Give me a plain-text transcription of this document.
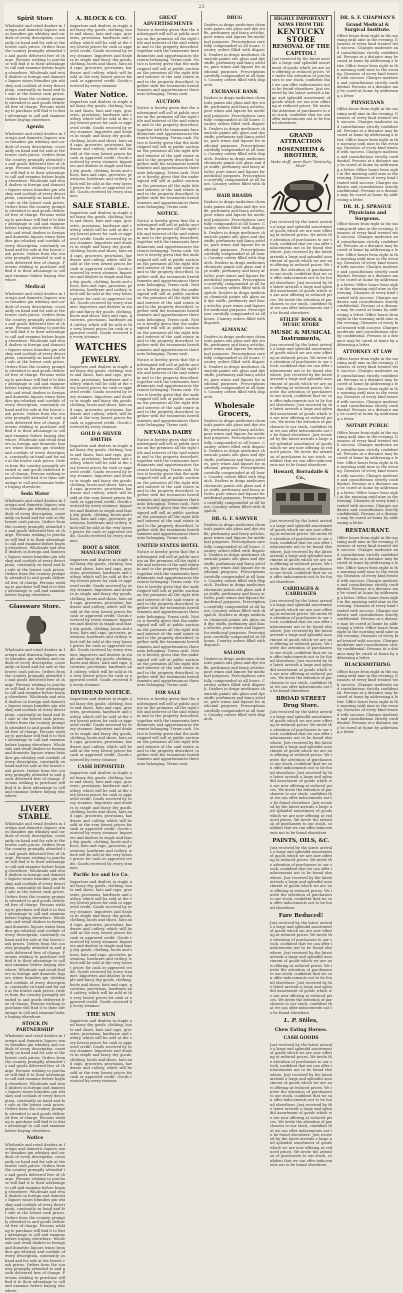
23
Spirit Store

Wholesale and retail dealers in foreign and domestic liquors wines brandies gin whiskey and cordials of every description, constantly on hand and for sale at the lowest cash prices. Orders from the country promptly attended to and goods delivered free of charge. Persons wishing to purchase will find it to their advantage to call and examine before buying elsewhere. Wholesale and retail dealers in foreign and domestic liquors wines brandies gin whiskey and cordials of every description, constantly on hand and for sale at the lowest cash prices. Orders from the country promptly attended to and goods delivered free of charge. Persons wishing to purchase will find it to their advantage to call and examine before buying elsewhere.

Agents

Wholesale and retail dealers in foreign and domestic liquors wines brandies gin whiskey and cordials of every description, constantly on hand and for sale at the lowest cash prices. Orders from the country promptly attended to and goods delivered free of charge. Persons wishing to purchase will find it to their advantage to call and examine before buying elsewhere. Wholesale and retail dealers in foreign and domestic liquors wines brandies gin whiskey and cordials of every description, constantly on hand and for sale at the lowest cash prices. Orders from the country promptly attended to and goods delivered free of charge. Persons wishing to purchase will find it to their advantage to call and examine before buying elsewhere. Wholesale and retail dealers in foreign and domestic liquors wines brandies gin whiskey and cordials of every description, constantly on hand and for sale at the lowest cash prices. Orders from the country promptly attended to and goods delivered free of charge. Persons wishing to purchase will find it to their advantage to call and examine before buying elsewhere.

Medical

Wholesale and retail dealers in foreign and domestic liquors wines brandies gin whiskey and cordials of every description, constantly on hand and for sale at the lowest cash prices. Orders from the country promptly attended to and goods delivered free of charge. Persons wishing to purchase will find it to their advantage to call and examine before buying elsewhere. Wholesale and retail dealers in foreign and domestic liquors wines brandies gin whiskey and cordials of every description, constantly on hand and for sale at the lowest cash prices. Orders from the country promptly attended to and goods delivered free of charge. Persons wishing to purchase will find it to their advantage to call and examine before buying elsewhere. Wholesale and retail dealers in foreign and domestic liquors wines brandies gin whiskey and cordials of every description, constantly on hand and for sale at the lowest cash prices. Orders from the country promptly attended to and goods delivered free of charge. Persons wishing to purchase will find it to their advantage to call and examine before buying elsewhere. Wholesale and retail dealers in foreign and domestic liquors wines brandies gin whiskey and cordials of every description, constantly on hand and for sale at the lowest cash prices. Orders from the country promptly attended to and goods delivered free of charge. Persons wishing to purchase will find it to their advantage to call and examine before buying elsewhere.

Soda Water

Wholesale and retail dealers in foreign and domestic liquors wines brandies gin whiskey and cordials of every description, constantly on hand and for sale at the lowest cash prices. Orders from the country promptly attended to and goods delivered free of charge. Persons wishing to purchase will find it to their advantage to call and examine before buying elsewhere. Wholesale and retail dealers in foreign and domestic liquors wines brandies gin whiskey and cordials of every description, constantly on hand and for sale at the lowest cash prices. Orders from the country promptly attended to and goods delivered free of charge. Persons wishing to purchase will find it to their advantage to call and examine before buying elsewhere.

Glassware Store.

Wholesale and retail dealers in foreign and domestic liquors wines brandies gin whiskey and cordials of every description, constantly on hand and for sale at the lowest cash prices. Orders from the country promptly attended to and goods delivered free of charge. Persons wishing to purchase will find it to their advantage to call and examine before buying elsewhere. Wholesale and retail dealers in foreign and domestic liquors wines brandies gin whiskey and cordials of every description, constantly on hand and for sale at the lowest cash prices. Orders from the country promptly attended to and goods delivered free of charge. Persons wishing to purchase will find it to their advantage to call and examine before buying elsewhere. Wholesale and retail dealers in foreign and domestic liquors wines brandies gin whiskey and cordials of every description, constantly on hand and for sale at the lowest cash prices. Orders from the country promptly attended to and goods delivered free of charge. Persons wishing to purchase will find it to their advantage to call and examine before buying elsewhere.

LIVERY STABLE.

Wholesale and retail dealers in foreign and domestic liquors wines brandies gin whiskey and cordials of every description, constantly on hand and for sale at the lowest cash prices. Orders from the country promptly attended to and goods delivered free of charge. Persons wishing to purchase will find it to their advantage to call and examine before buying elsewhere. Wholesale and retail dealers in foreign and domestic liquors wines brandies gin whiskey and cordials of every description, constantly on hand and for sale at the lowest cash prices. Orders from the country promptly attended to and goods delivered free of charge. Persons wishing to purchase will find it to their advantage to call and examine before buying elsewhere. Wholesale and retail dealers in foreign and domestic liquors wines brandies gin whiskey and cordials of every description, constantly on hand and for sale at the lowest cash prices. Orders from the country promptly attended to and goods delivered free of charge. Persons wishing to purchase will find it to their advantage to call and examine before buying elsewhere. Wholesale and retail dealers in foreign and domestic liquors wines brandies gin whiskey and cordials of every description, constantly on hand and for sale at the lowest cash prices. Orders from the country promptly attended to and goods delivered free of charge. Persons wishing to purchase will find it to their advantage to call and examine before buying elsewhere.

STOCK IN PARTNERSHIP

Wholesale and retail dealers in foreign and domestic liquors wines brandies gin whiskey and cordials of every description, constantly on hand and for sale at the lowest cash prices. Orders from the country promptly attended to and goods delivered free of charge. Persons wishing to purchase will find it to their advantage to call and examine before buying elsewhere. Wholesale and retail dealers in foreign and domestic liquors wines brandies gin whiskey and cordials of every description, constantly on hand and for sale at the lowest cash prices. Orders from the country promptly attended to and goods delivered free of charge. Persons wishing to purchase will find it to their advantage to call and examine before buying elsewhere.

Notice

Wholesale and retail dealers in foreign and domestic liquors wines brandies gin whiskey and cordials of every description, constantly on hand and for sale at the lowest cash prices. Orders from the country promptly attended to and goods delivered free of charge. Persons wishing to purchase will find it to their advantage to call and examine before buying elsewhere. Wholesale and retail dealers in foreign and domestic liquors wines brandies gin whiskey and cordials of every description, constantly on hand and for sale at the lowest cash prices. Orders from the country promptly attended to and goods delivered free of charge. Persons wishing to purchase will find it to their advantage to call and examine before buying elsewhere. Wholesale and retail dealers in foreign and domestic liquors wines brandies gin whiskey and cordials of every description, constantly on hand and for sale at the lowest cash prices. Orders from the country promptly attended to and goods delivered free of charge. Persons wishing to purchase will find it to their advantage to call and examine before buying elsewhere.

A. BLOCK & CO.

Importers and dealers in staple and fancy dry goods, clothing, boots and shoes, hats and caps, groceries, provisions, hardware and cutlery, which will be sold at the very lowest prices for cash or approved credit. Goods received by every steamer. Importers and dealers in staple and fancy dry goods, clothing, boots and shoes, hats and caps, groceries, provisions, hardware and cutlery, which will be sold at the very lowest prices for cash or approved credit. Goods received by every steamer.

Water Notice.

Importers and dealers in staple and fancy dry goods, clothing, boots and shoes, hats and caps, groceries, provisions, hardware and cutlery, which will be sold at the very lowest prices for cash or approved credit. Goods received by every steamer. Importers and dealers in staple and fancy dry goods, clothing, boots and shoes, hats and caps, groceries, provisions, hardware and cutlery, which will be sold at the very lowest prices for cash or approved credit. Goods received by every steamer. Importers and dealers in staple and fancy dry goods, clothing, boots and shoes, hats and caps, groceries, provisions, hardware and cutlery, which will be sold at the very lowest prices for cash or approved credit. Goods received by every steamer.

SALE STABLE.

Importers and dealers in staple and fancy dry goods, clothing, boots and shoes, hats and caps, groceries, provisions, hardware and cutlery, which will be sold at the very lowest prices for cash or approved credit. Goods received by every steamer. Importers and dealers in staple and fancy dry goods, clothing, boots and shoes, hats and caps, groceries, provisions, hardware and cutlery, which will be sold at the very lowest prices for cash or approved credit. Goods received by every steamer. Importers and dealers in staple and fancy dry goods, clothing, boots and shoes, hats and caps, groceries, provisions, hardware and cutlery, which will be sold at the very lowest prices for cash or approved credit. Goods received by every steamer. Importers and dealers in staple and fancy dry goods, clothing, boots and shoes, hats and caps, groceries, provisions, hardware and cutlery, which will be sold at the very lowest prices for cash or approved credit. Goods received by every steamer.

WATCHES
JEWELRY.

Importers and dealers in staple and fancy dry goods, clothing, boots and shoes, hats and caps, groceries, provisions, hardware and cutlery, which will be sold at the very lowest prices for cash or approved credit. Goods received by every steamer. Importers and dealers in staple and fancy dry goods, clothing, boots and shoes, hats and caps, groceries, provisions, hardware and cutlery, which will be sold at the very lowest prices for cash or approved credit. Goods received by every steamer.

GOLD & SILVER SMITHS

Importers and dealers in staple and fancy dry goods, clothing, boots and shoes, hats and caps, groceries, provisions, hardware and cutlery, which will be sold at the very lowest prices for cash or approved credit. Goods received by every steamer. Importers and dealers in staple and fancy dry goods, clothing, boots and shoes, hats and caps, groceries, provisions, hardware and cutlery, which will be sold at the very lowest prices for cash or approved credit. Goods received by every steamer. Importers and dealers in staple and fancy dry goods, clothing, boots and shoes, hats and caps, groceries, provisions, hardware and cutlery, which will be sold at the very lowest prices for cash or approved credit. Goods received by every steamer.

BOOT & SHOE MANUFACTORY

Importers and dealers in staple and fancy dry goods, clothing, boots and shoes, hats and caps, groceries, provisions, hardware and cutlery, which will be sold at the very lowest prices for cash or approved credit. Goods received by every steamer. Importers and dealers in staple and fancy dry goods, clothing, boots and shoes, hats and caps, groceries, provisions, hardware and cutlery, which will be sold at the very lowest prices for cash or approved credit. Goods received by every steamer. Importers and dealers in staple and fancy dry goods, clothing, boots and shoes, hats and caps, groceries, provisions, hardware and cutlery, which will be sold at the very lowest prices for cash or approved credit. Goods received by every steamer. Importers and dealers in staple and fancy dry goods, clothing, boots and shoes, hats and caps, groceries, provisions, hardware and cutlery, which will be sold at the very lowest prices for cash or approved credit. Goods received by every steamer.

DIVIDEND NOTICE.

Importers and dealers in staple and fancy dry goods, clothing, boots and shoes, hats and caps, groceries, provisions, hardware and cutlery, which will be sold at the very lowest prices for cash or approved credit. Goods received by every steamer. Importers and dealers in staple and fancy dry goods, clothing, boots and shoes, hats and caps, groceries, provisions, hardware and cutlery, which will be sold at the very lowest prices for cash or approved credit. Goods received by every steamer.

CASH DEPOSITED

Importers and dealers in staple and fancy dry goods, clothing, boots and shoes, hats and caps, groceries, provisions, hardware and cutlery, which will be sold at the very lowest prices for cash or approved credit. Goods received by every steamer. Importers and dealers in staple and fancy dry goods, clothing, boots and shoes, hats and caps, groceries, provisions, hardware and cutlery, which will be sold at the very lowest prices for cash or approved credit. Goods received by every steamer. Importers and dealers in staple and fancy dry goods, clothing, boots and shoes, hats and caps, groceries, provisions, hardware and cutlery, which will be sold at the very lowest prices for cash or approved credit. Goods received by every steamer.

Pacific Ice and Ice Co.

Importers and dealers in staple and fancy dry goods, clothing, boots and shoes, hats and caps, groceries, provisions, hardware and cutlery, which will be sold at the very lowest prices for cash or approved credit. Goods received by every steamer. Importers and dealers in staple and fancy dry goods, clothing, boots and shoes, hats and caps, groceries, provisions, hardware and cutlery, which will be sold at the very lowest prices for cash or approved credit. Goods received by every steamer. Importers and dealers in staple and fancy dry goods, clothing, boots and shoes, hats and caps, groceries, provisions, hardware and cutlery, which will be sold at the very lowest prices for cash or approved credit. Goods received by every steamer. Importers and dealers in staple and fancy dry goods, clothing, boots and shoes, hats and caps, groceries, provisions, hardware and cutlery, which will be sold at the very lowest prices for cash or approved credit. Goods received by every steamer.

THE SUN

Importers and dealers in staple and fancy dry goods, clothing, boots and shoes, hats and caps, groceries, provisions, hardware and cutlery, which will be sold at the very lowest prices for cash or approved credit. Goods received by every steamer. Importers and dealers in staple and fancy dry goods, clothing, boots and shoes, hats and caps, groceries, provisions, hardware and cutlery, which will be sold at the very lowest prices for cash or approved credit. Goods received by every steamer.

GREAT ADVERTISEMENTS

Notice is hereby given that the undersigned will sell at public auction on the premises all the right title and interest of the said estate in and to the property described, together with the tenements hereditaments and appurtenances thereunto belonging. Terms cash. Notice is hereby given that the undersigned will sell at public auction on the premises all the right title and interest of the said estate in and to the property described, together with the tenements hereditaments and appurtenances thereunto belonging. Terms cash.

AUCTION

Notice is hereby given that the undersigned will sell at public auction on the premises all the right title and interest of the said estate in and to the property described, together with the tenements hereditaments and appurtenances thereunto belonging. Terms cash. Notice is hereby given that the undersigned will sell at public auction on the premises all the right title and interest of the said estate in and to the property described, together with the tenements hereditaments and appurtenances thereunto belonging. Terms cash. Notice is hereby given that the undersigned will sell at public auction on the premises all the right title and interest of the said estate in and to the property described, together with the tenements hereditaments and appurtenances thereunto belonging. Terms cash.

NOTICE.

Notice is hereby given that the undersigned will sell at public auction on the premises all the right title and interest of the said estate in and to the property described, together with the tenements hereditaments and appurtenances thereunto belonging. Terms cash. Notice is hereby given that the undersigned will sell at public auction on the premises all the right title and interest of the said estate in and to the property described, together with the tenements hereditaments and appurtenances thereunto belonging. Terms cash. Notice is hereby given that the undersigned will sell at public auction on the premises all the right title and interest of the said estate in and to the property described, together with the tenements hereditaments and appurtenances thereunto belonging. Terms cash. Notice is hereby given that the undersigned will sell at public auction on the premises all the right title and interest of the said estate in and to the property described, together with the tenements hereditaments and appurtenances thereunto belonging. Terms cash.

Notice is hereby given that the undersigned will sell at public auction on the premises all the right title and interest of the said estate in and to the property described, together with the tenements hereditaments and appurtenances thereunto belonging. Terms cash. Notice is hereby given that the undersigned will sell at public auction on the premises all the right title and interest of the said estate in and to the property described, together with the tenements hereditaments and appurtenances thereunto belonging. Terms cash.

NEVADA DAIRY

Notice is hereby given that the undersigned will sell at public auction on the premises all the right title and interest of the said estate in and to the property described, together with the tenements hereditaments and appurtenances thereunto belonging. Terms cash. Notice is hereby given that the undersigned will sell at public auction on the premises all the right title and interest of the said estate in and to the property described, together with the tenements hereditaments and appurtenances thereunto belonging. Terms cash. Notice is hereby given that the undersigned will sell at public auction on the premises all the right title and interest of the said estate in and to the property described, together with the tenements hereditaments and appurtenances thereunto belonging. Terms cash.

UNITED STATES HOTEL

Notice is hereby given that the undersigned will sell at public auction on the premises all the right title and interest of the said estate in and to the property described, together with the tenements hereditaments and appurtenances thereunto belonging. Terms cash. Notice is hereby given that the undersigned will sell at public auction on the premises all the right title and interest of the said estate in and to the property described, together with the tenements hereditaments and appurtenances thereunto belonging. Terms cash. Notice is hereby given that the undersigned will sell at public auction on the premises all the right title and interest of the said estate in and to the property described, together with the tenements hereditaments and appurtenances thereunto belonging. Terms cash. Notice is hereby given that the undersigned will sell at public auction on the premises all the right title and interest of the said estate in and to the property described, together with the tenements hereditaments and appurtenances thereunto belonging. Terms cash.

FOR SALE

Notice is hereby given that the undersigned will sell at public auction on the premises all the right title and interest of the said estate in and to the property described, together with the tenements hereditaments and appurtenances thereunto belonging. Terms cash. Notice is hereby given that the undersigned will sell at public auction on the premises all the right title and interest of the said estate in and to the property described, together with the tenements hereditaments and appurtenances thereunto belonging. Terms cash.

DRUG

Dealers in drugs medicines chemicals paints oils glass and dye stuffs, perfumery and fancy articles, pure wines and liquors for medicinal purposes. Prescriptions carefully compounded at all hours. Country orders filled with dispatch. Dealers in drugs medicines chemicals paints oils glass and dye stuffs, perfumery and fancy articles, pure wines and liquors for medicinal purposes. Prescriptions carefully compounded at all hours. Country orders filled with dispatch.

EXCHANGE BANK

Dealers in drugs medicines chemicals paints oils glass and dye stuffs, perfumery and fancy articles, pure wines and liquors for medicinal purposes. Prescriptions carefully compounded at all hours. Country orders filled with dispatch. Dealers in drugs medicines chemicals paints oils glass and dye stuffs, perfumery and fancy articles, pure wines and liquors for medicinal purposes. Prescriptions carefully compounded at all hours. Country orders filled with dispatch. Dealers in drugs medicines chemicals paints oils glass and dye stuffs, perfumery and fancy articles, pure wines and liquors for medicinal purposes. Prescriptions carefully compounded at all hours. Country orders filled with dispatch.

HAIR BRAIDS

Dealers in drugs medicines chemicals paints oils glass and dye stuffs, perfumery and fancy articles, pure wines and liquors for medicinal purposes. Prescriptions carefully compounded at all hours. Country orders filled with dispatch. Dealers in drugs medicines chemicals paints oils glass and dye stuffs, perfumery and fancy articles, pure wines and liquors for medicinal purposes. Prescriptions carefully compounded at all hours. Country orders filled with dispatch. Dealers in drugs medicines chemicals paints oils glass and dye stuffs, perfumery and fancy articles, pure wines and liquors for medicinal purposes. Prescriptions carefully compounded at all hours. Country orders filled with dispatch. Dealers in drugs medicines chemicals paints oils glass and dye stuffs, perfumery and fancy articles, pure wines and liquors for medicinal purposes. Prescriptions carefully compounded at all hours. Country orders filled with dispatch.

ALMANAC

Dealers in drugs medicines chemicals paints oils glass and dye stuffs, perfumery and fancy articles, pure wines and liquors for medicinal purposes. Prescriptions carefully compounded at all hours. Country orders filled with dispatch. Dealers in drugs medicines chemicals paints oils glass and dye stuffs, perfumery and fancy articles, pure wines and liquors for medicinal purposes. Prescriptions carefully compounded at all hours. Country orders filled with dispatch.

Wholesale Grocers,

Dealers in drugs medicines chemicals paints oils glass and dye stuffs, perfumery and fancy articles, pure wines and liquors for medicinal purposes. Prescriptions carefully compounded at all hours. Country orders filled with dispatch. Dealers in drugs medicines chemicals paints oils glass and dye stuffs, perfumery and fancy articles, pure wines and liquors for medicinal purposes. Prescriptions carefully compounded at all hours. Country orders filled with dispatch. Dealers in drugs medicines chemicals paints oils glass and dye stuffs, perfumery and fancy articles, pure wines and liquors for medicinal purposes. Prescriptions carefully compounded at all hours. Country orders filled with dispatch.

DR. G. F. SAWYER

Dealers in drugs medicines chemicals paints oils glass and dye stuffs, perfumery and fancy articles, pure wines and liquors for medicinal purposes. Prescriptions carefully compounded at all hours. Country orders filled with dispatch. Dealers in drugs medicines chemicals paints oils glass and dye stuffs, perfumery and fancy articles, pure wines and liquors for medicinal purposes. Prescriptions carefully compounded at all hours. Country orders filled with dispatch. Dealers in drugs medicines chemicals paints oils glass and dye stuffs, perfumery and fancy articles, pure wines and liquors for medicinal purposes. Prescriptions carefully compounded at all hours. Country orders filled with dispatch. Dealers in drugs medicines chemicals paints oils glass and dye stuffs, perfumery and fancy articles, pure wines and liquors for medicinal purposes. Prescriptions carefully compounded at all hours. Country orders filled with dispatch.

SALOON

Dealers in drugs medicines chemicals paints oils glass and dye stuffs, perfumery and fancy articles, pure wines and liquors for medicinal purposes. Prescriptions carefully compounded at all hours. Country orders filled with dispatch. Dealers in drugs medicines chemicals paints oils glass and dye stuffs, perfumery and fancy articles, pure wines and liquors for medicinal purposes. Prescriptions carefully compounded at all hours. Country orders filled with dispatch.

HIGHLY IMPORTANT NEWS FROM THE
KENTUCKY STORE
REMOVAL OF THE CAPITOL!

Just received by the latest arrivals a large and splendid assortment of goods which we are now offering at reduced prices. We invite the attention of purchasers to our stock, confident that we can offer inducements not to be found elsewhere. Just received by the latest arrivals a large and splendid assortment of goods which we are now offering at reduced prices. We invite the attention of purchasers to our stock, confident that we can offer inducements not to be found elsewhere.

GRAND ATTRACTION
ROSENHEIM & BROTHER,
Make stuff, wear their "Kentucky Mule"

Just received by the latest arrivals a large and splendid assortment of goods which we are now offering at reduced prices. We invite the attention of purchasers to our stock, confident that we can offer inducements not to be found elsewhere. Just received by the latest arrivals a large and splendid assortment of goods which we are now offering at reduced prices. We invite the attention of purchasers to our stock, confident that we can offer inducements not to be found elsewhere. Just received by the latest arrivals a large and splendid assortment of goods which we are now offering at reduced prices. We invite the attention of purchasers to our stock, confident that we can offer inducements not to be found elsewhere.

STILES' BOOK & MUSIC STORE
MUSIC & MUSICAL
Instruments,

Just received by the latest arrivals a large and splendid assortment of goods which we are now offering at reduced prices. We invite the attention of purchasers to our stock, confident that we can offer inducements not to be found elsewhere. Just received by the latest arrivals a large and splendid assortment of goods which we are now offering at reduced prices. We invite the attention of purchasers to our stock, confident that we can offer inducements not to be found elsewhere. Just received by the latest arrivals a large and splendid assortment of goods which we are now offering at reduced prices. We invite the attention of purchasers to our stock, confident that we can offer inducements not to be found elsewhere. Just received by the latest arrivals a large and splendid assortment of goods which we are now offering at reduced prices. We invite the attention of purchasers to our stock, confident that we can offer inducements not to be found elsewhere.

Howard, Borradaile & Co.,

Just received by the latest arrivals a large and splendid assortment of goods which we are now offering at reduced prices. We invite the attention of purchasers to our stock, confident that we can offer inducements not to be found elsewhere. Just received by the latest arrivals a large and splendid assortment of goods which we are now offering at reduced prices. We invite the attention of purchasers to our stock, confident that we can offer inducements not to be found elsewhere.

CARRIAGES & CARRIAGES

Just received by the latest arrivals a large and splendid assortment of goods which we are now offering at reduced prices. We invite the attention of purchasers to our stock, confident that we can offer inducements not to be found elsewhere. Just received by the latest arrivals a large and splendid assortment of goods which we are now offering at reduced prices. We invite the attention of purchasers to our stock, confident that we can offer inducements not to be found elsewhere. Just received by the latest arrivals a large and splendid assortment of goods which we are now offering at reduced prices. We invite the attention of purchasers to our stock, confident that we can offer inducements not to be found elsewhere.

BROAD STREET Drug Store.

Just received by the latest arrivals a large and splendid assortment of goods which we are now offering at reduced prices. We invite the attention of purchasers to our stock, confident that we can offer inducements not to be found elsewhere. Just received by the latest arrivals a large and splendid assortment of goods which we are now offering at reduced prices. We invite the attention of purchasers to our stock, confident that we can offer inducements not to be found elsewhere. Just received by the latest arrivals a large and splendid assortment of goods which we are now offering at reduced prices. We invite the attention of purchasers to our stock, confident that we can offer inducements not to be found elsewhere. Just received by the latest arrivals a large and splendid assortment of goods which we are now offering at reduced prices. We invite the attention of purchasers to our stock, confident that we can offer inducements not to be found elsewhere.

PAINTS, OILS, &C.

Just received by the latest arrivals a large and splendid assortment of goods which we are now offering at reduced prices. We invite the attention of purchasers to our stock, confident that we can offer inducements not to be found elsewhere. Just received by the latest arrivals a large and splendid assortment of goods which we are now offering at reduced prices. We invite the attention of purchasers to our stock, confident that we can offer inducements not to be found elsewhere.

Fare Reduced!

Just received by the latest arrivals a large and splendid assortment of goods which we are now offering at reduced prices. We invite the attention of purchasers to our stock, confident that we can offer inducements not to be found elsewhere. Just received by the latest arrivals a large and splendid assortment of goods which we are now offering at reduced prices. We invite the attention of purchasers to our stock, confident that we can offer inducements not to be found elsewhere. Just received by the latest arrivals a large and splendid assortment of goods which we are now offering at reduced prices. We invite the attention of purchasers to our stock, confident that we can offer inducements not to be found elsewhere.

L. P. Stiles,
Chew Eating Horses.
CASH GOODS

Just received by the latest arrivals a large and splendid assortment of goods which we are now offering at reduced prices. We invite the attention of purchasers to our stock, confident that we can offer inducements not to be found elsewhere. Just received by the latest arrivals a large and splendid assortment of goods which we are now offering at reduced prices. We invite the attention of purchasers to our stock, confident that we can offer inducements not to be found elsewhere. Just received by the latest arrivals a large and splendid assortment of goods which we are now offering at reduced prices. We invite the attention of purchasers to our stock, confident that we can offer inducements not to be found elsewhere. Just received by the latest arrivals a large and splendid assortment of goods which we are now offering at reduced prices. We invite the attention of purchasers to our stock, confident that we can offer inducements not to be found elsewhere.

DR. S. F. CHAPMAN'S
Grand Medical & Surgical Institute.

Office hours from eight in the morning until nine in the evening. Diseases of every kind treated with success. Charges moderate and consultations strictly confidential. Persons at a distance may be cured at home by addressing a letter. Office hours from eight in the morning until nine in the evening. Diseases of every kind treated with success. Charges moderate and consultations strictly confidential. Persons at a distance may be cured at home by addressing a letter.

PHYSICIANS

Office hours from eight in the morning until nine in the evening. Diseases of every kind treated with success. Charges moderate and consultations strictly confidential. Persons at a distance may be cured at home by addressing a letter. Office hours from eight in the morning until nine in the evening. Diseases of every kind treated with success. Charges moderate and consultations strictly confidential. Persons at a distance may be cured at home by addressing a letter. Office hours from eight in the morning until nine in the evening. Diseases of every kind treated with success. Charges moderate and consultations strictly confidential. Persons at a distance may be cured at home by addressing a letter.

DR. H. J. SPRAGUE
Physicians and Surgeons.

Office hours from eight in the morning until nine in the evening. Diseases of every kind treated with success. Charges moderate and consultations strictly confidential. Persons at a distance may be cured at home by addressing a letter. Office hours from eight in the morning until nine in the evening. Diseases of every kind treated with success. Charges moderate and consultations strictly confidential. Persons at a distance may be cured at home by addressing a letter. Office hours from eight in the morning until nine in the evening. Diseases of every kind treated with success. Charges moderate and consultations strictly confidential. Persons at a distance may be cured at home by addressing a letter. Office hours from eight in the morning until nine in the evening. Diseases of every kind treated with success. Charges moderate and consultations strictly confidential. Persons at a distance may be cured at home by addressing a letter.

ATTORNEY AT LAW

Office hours from eight in the morning until nine in the evening. Diseases of every kind treated with success. Charges moderate and consultations strictly confidential. Persons at a distance may be cured at home by addressing a letter. Office hours from eight in the morning until nine in the evening. Diseases of every kind treated with success. Charges moderate and consultations strictly confidential. Persons at a distance may be cured at home by addressing a letter.

NOTARY PUBLIC

Office hours from eight in the morning until nine in the evening. Diseases of every kind treated with success. Charges moderate and consultations strictly confidential. Persons at a distance may be cured at home by addressing a letter. Office hours from eight in the morning until nine in the evening. Diseases of every kind treated with success. Charges moderate and consultations strictly confidential. Persons at a distance may be cured at home by addressing a letter. Office hours from eight in the morning until nine in the evening. Diseases of every kind treated with success. Charges moderate and consultations strictly confidential. Persons at a distance may be cured at home by addressing a letter.

RESTAURANT.

Office hours from eight in the morning until nine in the evening. Diseases of every kind treated with success. Charges moderate and consultations strictly confidential. Persons at a distance may be cured at home by addressing a letter. Office hours from eight in the morning until nine in the evening. Diseases of every kind treated with success. Charges moderate and consultations strictly confidential. Persons at a distance may be cured at home by addressing a letter. Office hours from eight in the morning until nine in the evening. Diseases of every kind treated with success. Charges moderate and consultations strictly confidential. Persons at a distance may be cured at home by addressing a letter. Office hours from eight in the morning until nine in the evening. Diseases of every kind treated with success. Charges moderate and consultations strictly confidential. Persons at a distance may be cured at home by addressing a letter.

BLACKSMITHING

Office hours from eight in the morning until nine in the evening. Diseases of every kind treated with success. Charges moderate and consultations strictly confidential. Persons at a distance may be cured at home by addressing a letter. Office hours from eight in the morning until nine in the evening. Diseases of every kind treated with success. Charges moderate and consultations strictly confidential. Persons at a distance may be cured at home by addressing a letter.
